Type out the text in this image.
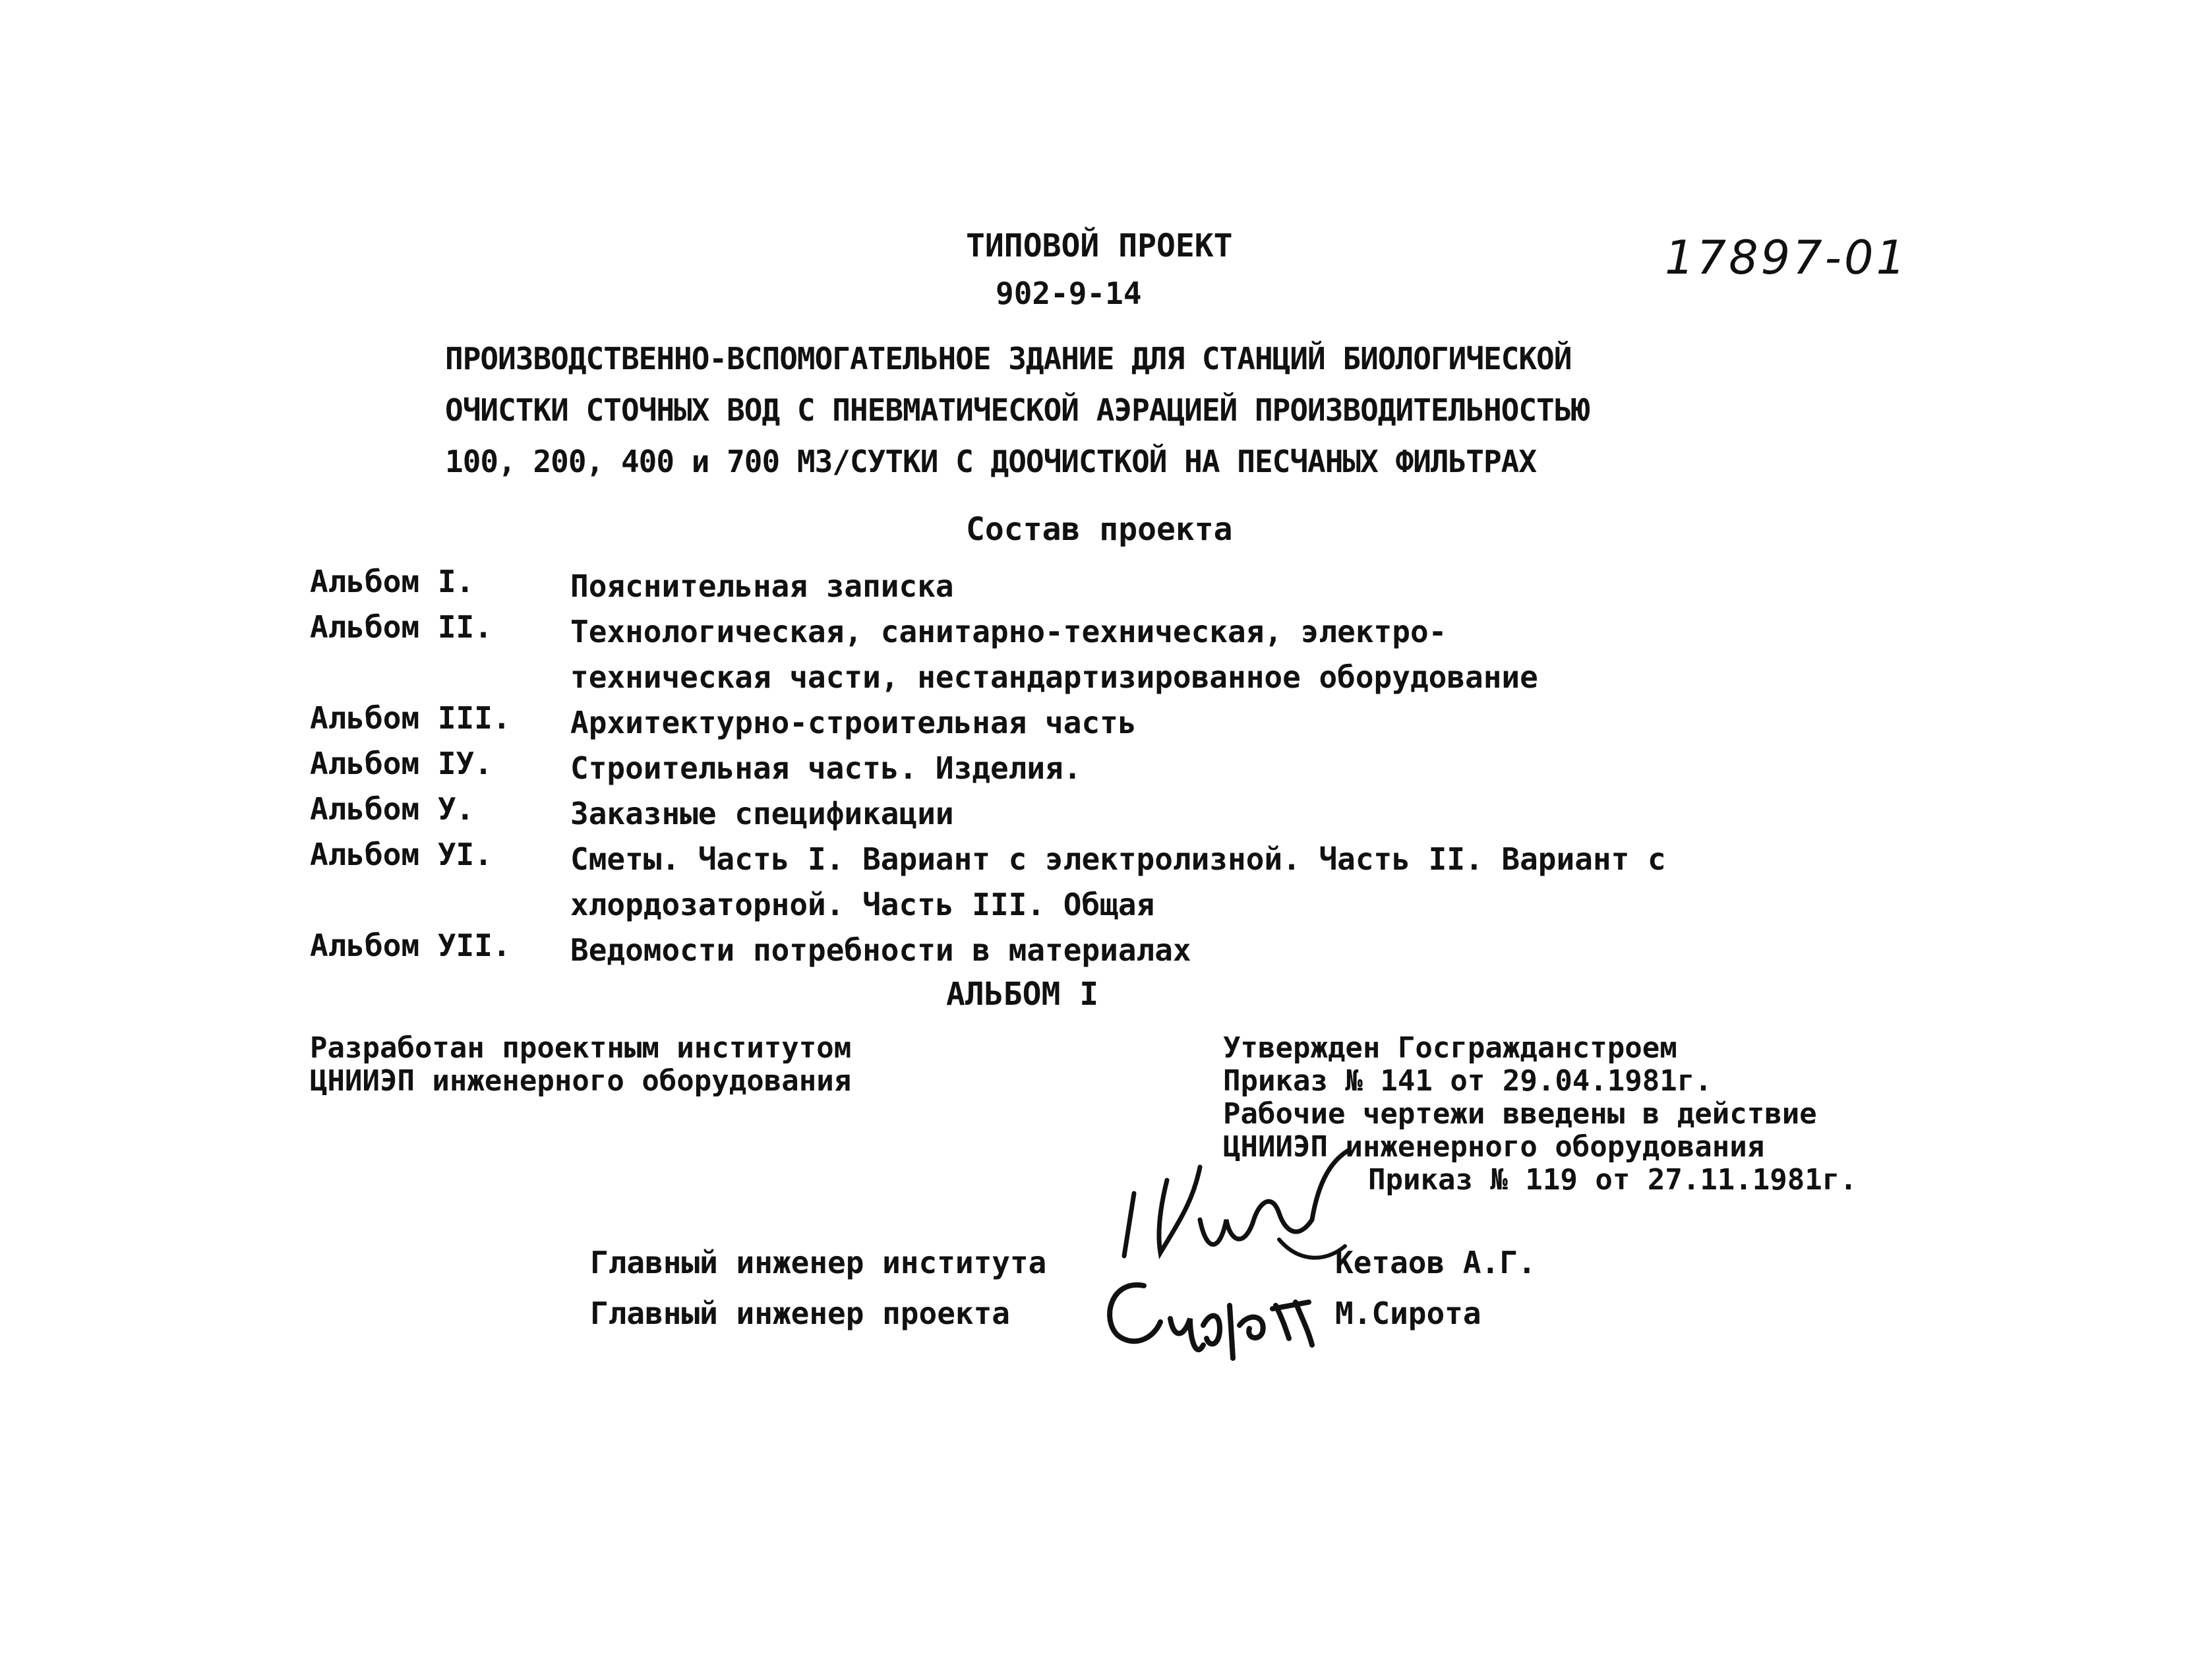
ТИПОВОЙ ПРОЕКТ
902-9-14
17897-01
ПРОИЗВОДСТВЕННО-ВСПОМОГАТЕЛЬНОЕ ЗДАНИЕ ДЛЯ СТАНЦИЙ БИОЛОГИЧЕСКОЙ
ОЧИСТКИ СТОЧНЫХ ВОД С ПНЕВМАТИЧЕСКОЙ АЭРАЦИЕЙ ПРОИЗВОДИТЕЛЬНОСТЬЮ
100, 200, 400 и 700 М3/СУТКИ С ДООЧИСТКОЙ НА ПЕСЧАНЫХ ФИЛЬТРАХ
Состав проекта
Альбом I.	Пояснительная записка
Альбом II.	Технологическая, санитарно-техническая, электро-
техническая части, нестандартизированное оборудование
Альбом III. Архитектурно-строительная часть
Альбом IУ.	Строительная часть. Изделия.
Альбом У.	Заказные спецификации
Альбом УI.	Сметы. Часть I. Вариант с электролизной. Часть II. Вариант с
хлордозаторной. Часть III. Общая
Альбом УII. Ведомости потребности в материалах
АЛЬБОМ I
Разработан проектным институтом
ЦНИИЭП инженерного оборудования
Утвержден Госгражданстроем
Приказ № 141 от 29.04.1981г.
Рабочие чертежи введены в действие
ЦНИИЭП инженерного оборудования
Приказ № 119 от 27.11.1981г.
Главный инженер института	Кетаов А.Г.
Главный инженер проекта	М.Сирота
